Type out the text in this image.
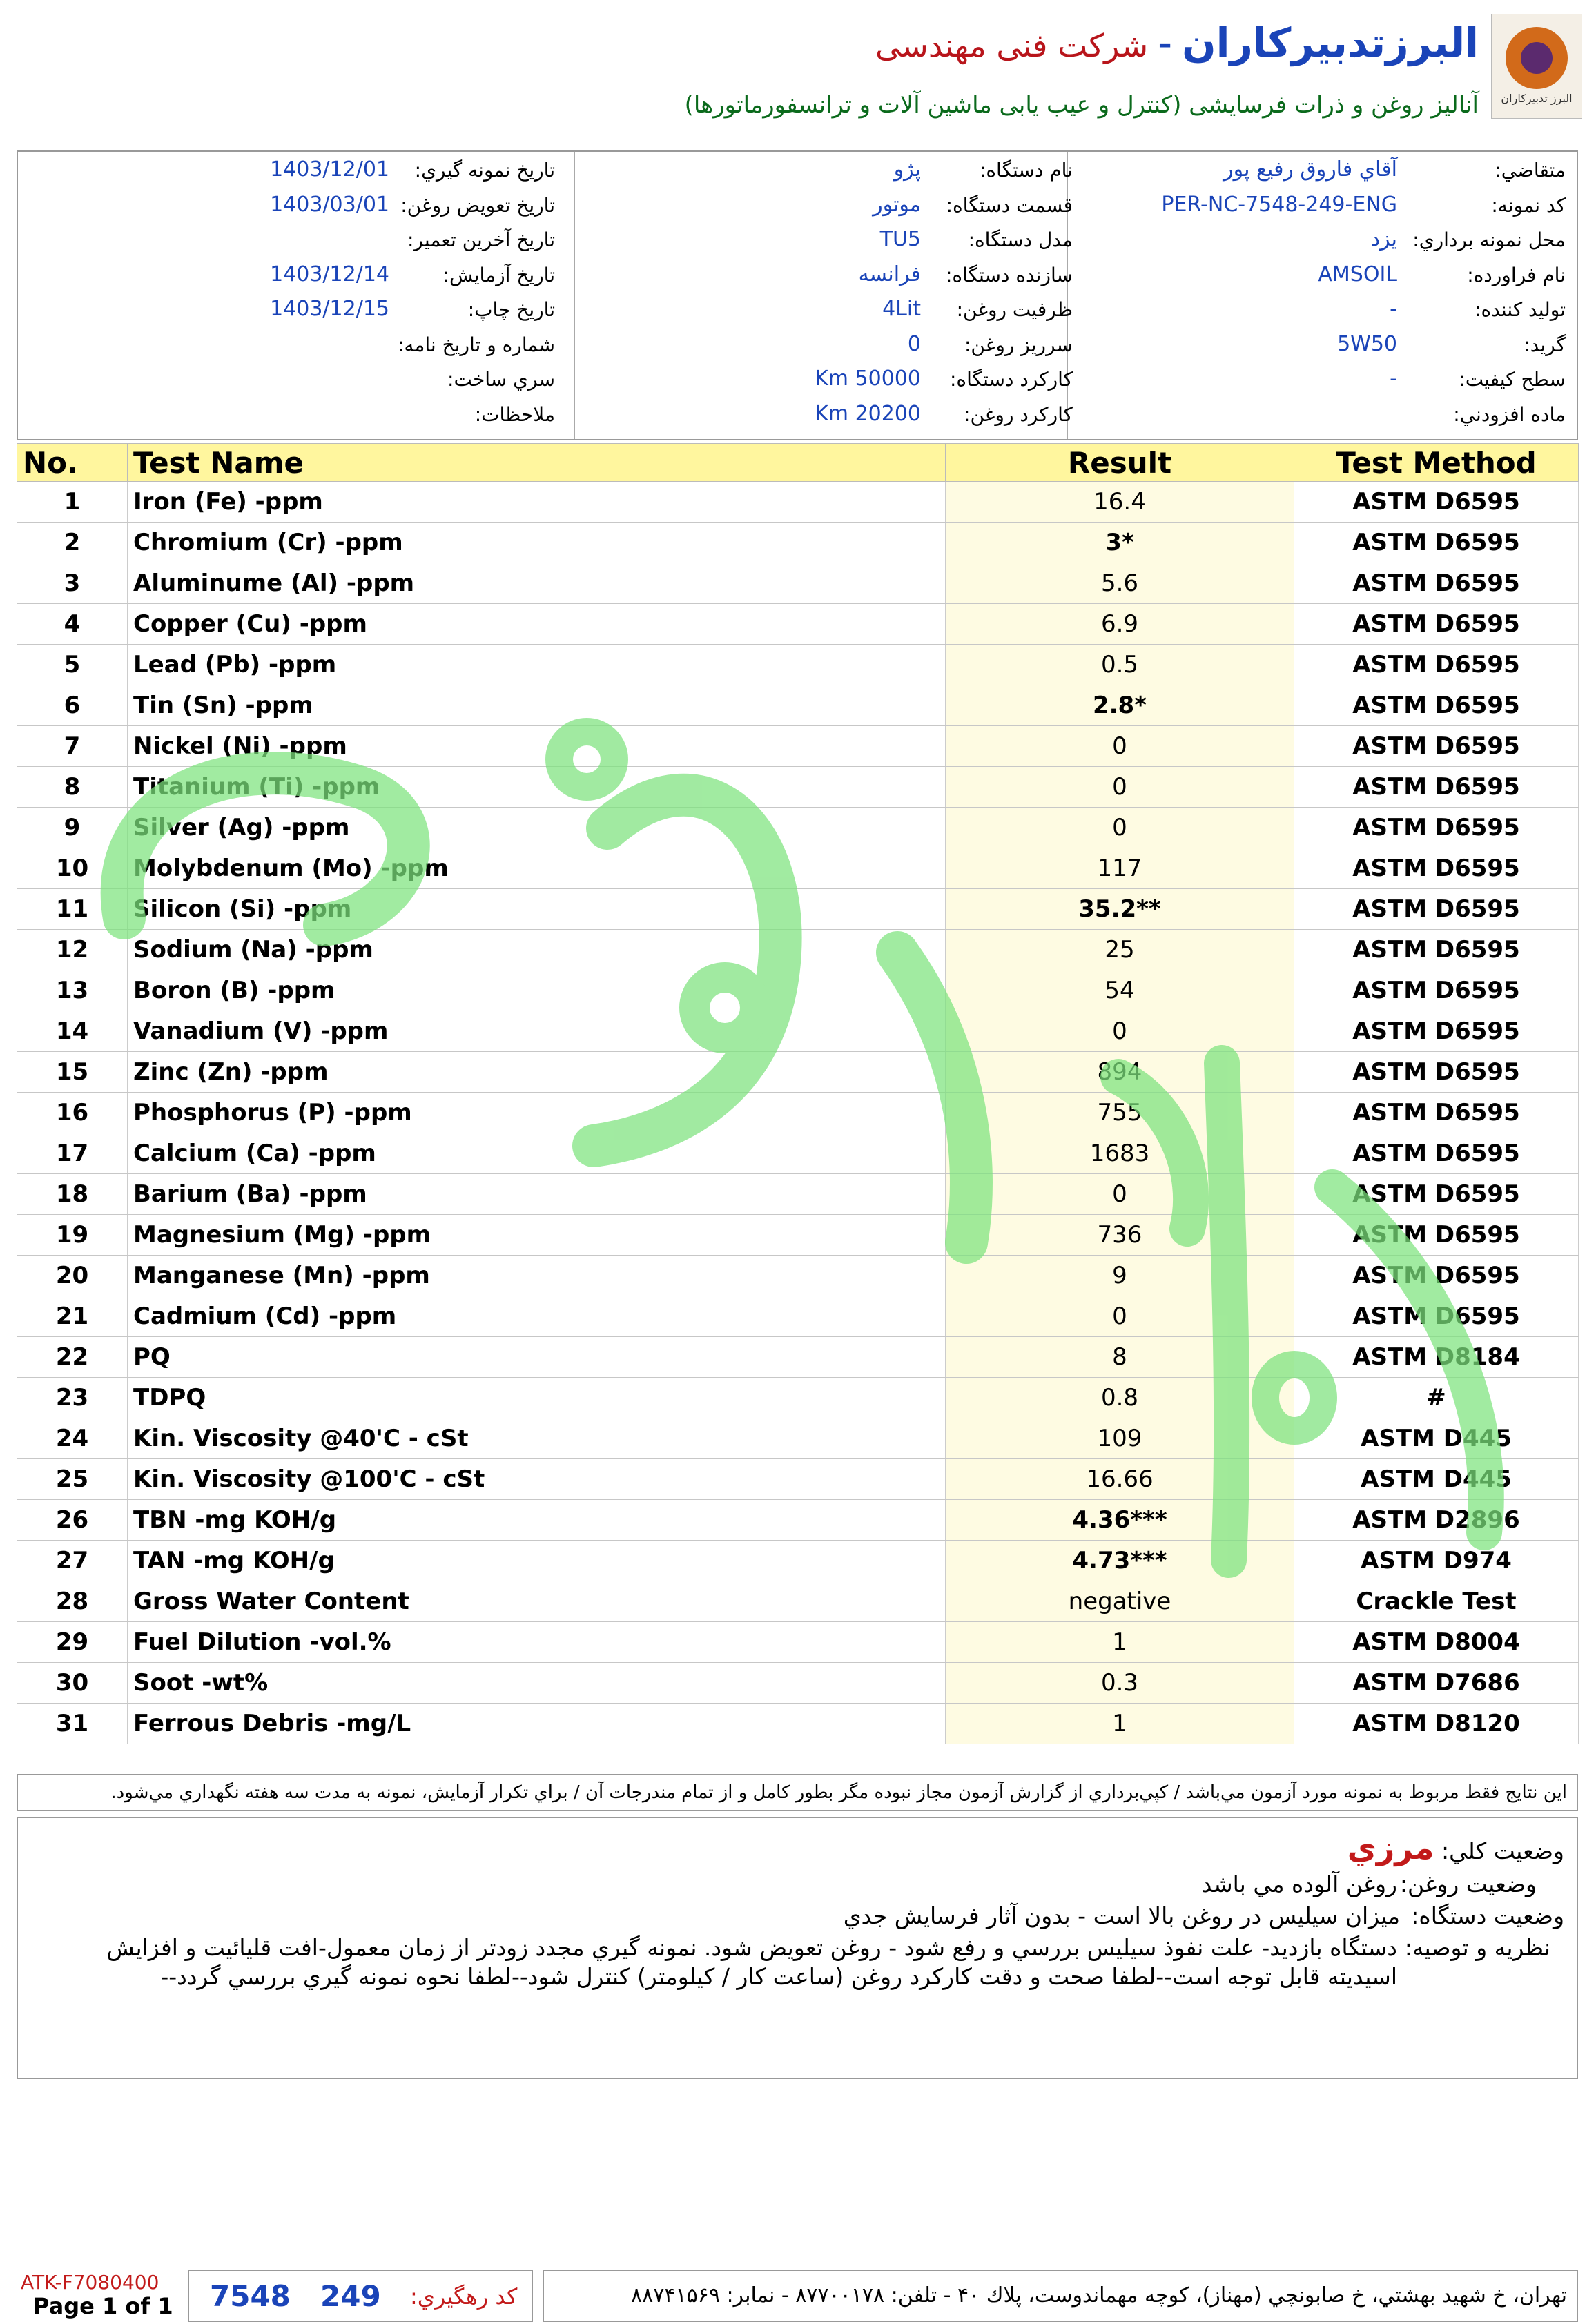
البرز تدبیرکاران
البرزتدبيرکاران-شرکت فنی مهندسی
آنالیز روغن و ذرات فرسایشی (کنترل و عیب یابی ماشین آلات و ترانسفورماتورها)
متقاضي:
آقاي فاروق رفيع پور
كد نمونه:
PER-NC-7548-249-ENG
محل نمونه برداري:
يزد
نام فراورده:
AMSOIL
توليد كننده:
-
گريد:
5W50
سطح كيفيت:
-
ماده افزودني:
نام دستگاه:
پژو
قسمت دستگاه:
موتور
مدل دستگاه:
TU5
سازنده دستگاه:
فرانسه
ظرفيت روغن:
4Lit
سرريز روغن:
0
كاركرد دستگاه:
50000 Km
كاركرد روغن:
20200 Km
تاريخ نمونه گيري:
1403/12/01
تاريخ تعويض روغن:
1403/03/01
تاريخ آخرين تعمير:
تاريخ آزمايش:
1403/12/14
تاريخ چاپ:
1403/12/15
شماره و تاريخ نامه:
سري ساخت:
ملاحظات:
No.	Test Name	Result	Test Method
1	Iron (Fe) -ppm	16.4	ASTM D6595
2	Chromium (Cr) -ppm	3*	ASTM D6595
3	Aluminume (Al) -ppm	5.6	ASTM D6595
4	Copper (Cu) -ppm	6.9	ASTM D6595
5	Lead (Pb) -ppm	0.5	ASTM D6595
6	Tin (Sn) -ppm	2.8*	ASTM D6595
7	Nickel (Ni) -ppm	0	ASTM D6595
8	Titanium (Ti) -ppm	0	ASTM D6595
9	Silver (Ag) -ppm	0	ASTM D6595
10	Molybdenum (Mo) -ppm	117	ASTM D6595
11	Silicon (Si) -ppm	35.2**	ASTM D6595
12	Sodium (Na) -ppm	25	ASTM D6595
13	Boron (B) -ppm	54	ASTM D6595
14	Vanadium (V) -ppm	0	ASTM D6595
15	Zinc (Zn) -ppm	894	ASTM D6595
16	Phosphorus (P) -ppm	755	ASTM D6595
17	Calcium (Ca) -ppm	1683	ASTM D6595
18	Barium (Ba) -ppm	0	ASTM D6595
19	Magnesium (Mg) -ppm	736	ASTM D6595
20	Manganese (Mn) -ppm	9	ASTM D6595
21	Cadmium (Cd) -ppm	0	ASTM D6595
22	PQ	8	ASTM D8184
23	TDPQ	0.8	#
24	Kin. Viscosity @40'C - cSt	109	ASTM D445
25	Kin. Viscosity @100'C - cSt	16.66	ASTM D445
26	TBN -mg KOH/g	4.36***	ASTM D2896
27	TAN -mg KOH/g	4.73***	ASTM D974
28	Gross Water Content	negative	Crackle Test
29	Fuel Dilution -vol.%	1	ASTM D8004
30	Soot -wt%	0.3	ASTM D7686
31	Ferrous Debris -mg/L	1	ASTM D8120
اين نتايج فقط مربوط به نمونه مورد آزمون مي‌باشد / كپي‌برداري از گزارش آزمون مجاز نبوده مگر بطور كامل و از تمام مندرجات آن / براي تكرار آزمايش، نمونه به مدت سه هفته نگهداري مي‌شود.
وضعيت كلي: مرزي
وضعيت روغن:
روغن آلوده مي باشد
وضعيت دستگاه:
ميزان سيليس در روغن بالا است - بدون آثار فرسايش جدي
نظريه و توصيه:
دستگاه بازديد- علت نفوذ سيليس بررسي و رفع شود - روغن تعويض شود. نمونه گيري مجدد زودتر از زمان معمول-افت قليائيت و افزايش
اسيديته قابل توجه است--لطفا صحت و دقت كاركرد روغن (ساعت كار / كيلومتر) كنترل شود--لطفا نحوه نمونه گيري بررسي گردد--
ATK-F7080400
Page 1 of 1 7548 249 كد رهگيري:	تهران، خ شهيد بهشتي، خ صابونچي (مهناز)، كوچه مهماندوست، پلاك ۴۰ - تلفن: ۸۷۷۰۰۱۷۸ - نمابر: ۸۸۷۴۱۵۶۹
